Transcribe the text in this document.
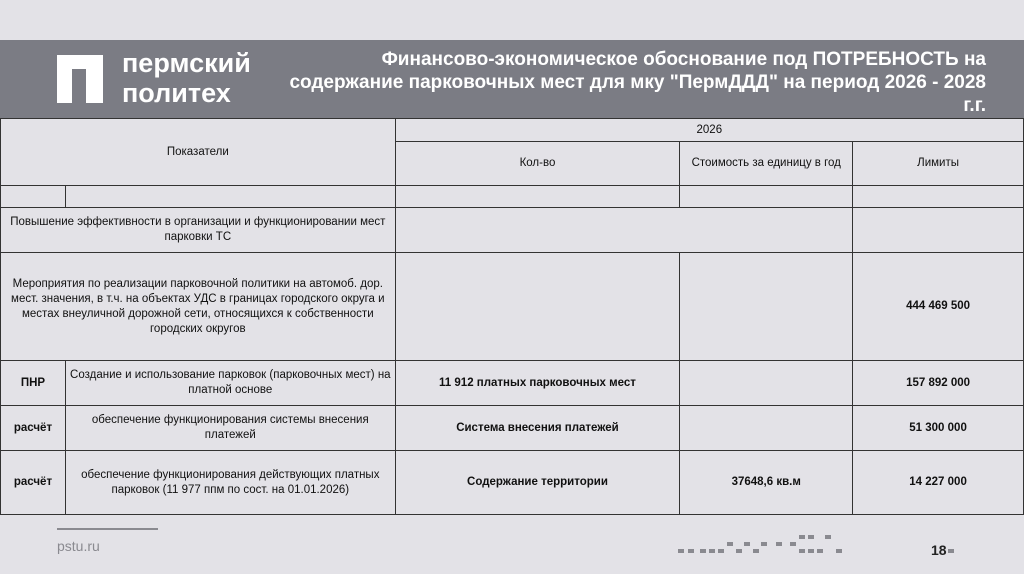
пермский
политех
Финансово-экономическое обоснование под ПОТРЕБНОСТЬ на содержание парковочных мест для мку "ПермДДД" на период 2026 - 2028 г.г.
Показатели		2026		
		Кол-во	Стоимость за единицу в год	Лимиты

Повышение эффективности в организации и функционировании мест парковки ТС				
Мероприятия по реализации парковочной политики на автомоб. дор. мест. значения, в т.ч. на объектах УДС в границах городского округа и местах внеуличной дорожной сети, относящихся к собственности городских округов				444 469 500
ПНР	Создание и использование парковок (парковочных мест) на платной основе	11 912 платных парковочных мест		157 892 000
расчёт	обеспечение функционирования системы внесения платежей	Система внесения платежей		51 300 000
расчёт	обеспечение функционирования действующих платных парковок (11 977 ппм по сост. на 01.01.2026)	Содержание территории	37648,6 кв.м	14 227 000
pstu.ru	18
